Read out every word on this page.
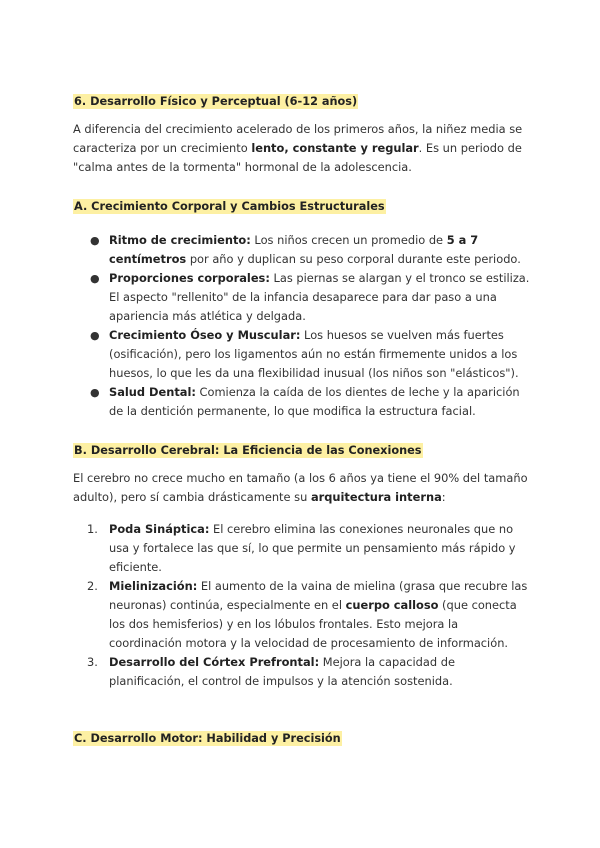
6. Desarrollo Físico y Perceptual (6-12 años)

A diferencia del crecimiento acelerado de los primeros años, la niñez media se caracteriza por un crecimiento lento, constante y regular. Es un periodo de "calma antes de la tormenta" hormonal de la adolescencia.

A. Crecimiento Corporal y Cambios Estructurales
● Ritmo de crecimiento: Los niños crecen un promedio de 5 a 7 centímetros por año y duplican su peso corporal durante este periodo.
● Proporciones corporales: Las piernas se alargan y el tronco se estiliza. El aspecto "rellenito" de la infancia desaparece para dar paso a una apariencia más atlética y delgada.
● Crecimiento Óseo y Muscular: Los huesos se vuelven más fuertes (osificación), pero los ligamentos aún no están firmemente unidos a los huesos, lo que les da una flexibilidad inusual (los niños son "elásticos").
● Salud Dental: Comienza la caída de los dientes de leche y la aparición de la dentición permanente, lo que modifica la estructura facial.
B. Desarrollo Cerebral: La Eficiencia de las Conexiones

El cerebro no crece mucho en tamaño (a los 6 años ya tiene el 90% del tamaño adulto), pero sí cambia drásticamente su arquitectura interna:

1. Poda Sináptica: El cerebro elimina las conexiones neuronales que no usa y fortalece las que sí, lo que permite un pensamiento más rápido y eficiente.
2. Mielinización: El aumento de la vaina de mielina (grasa que recubre las neuronas) continúa, especialmente en el cuerpo calloso (que conecta los dos hemisferios) y en los lóbulos frontales. Esto mejora la coordinación motora y la velocidad de procesamiento de información.
3. Desarrollo del Córtex Prefrontal: Mejora la capacidad de planificación, el control de impulsos y la atención sostenida.
C. Desarrollo Motor: Habilidad y Precisión
